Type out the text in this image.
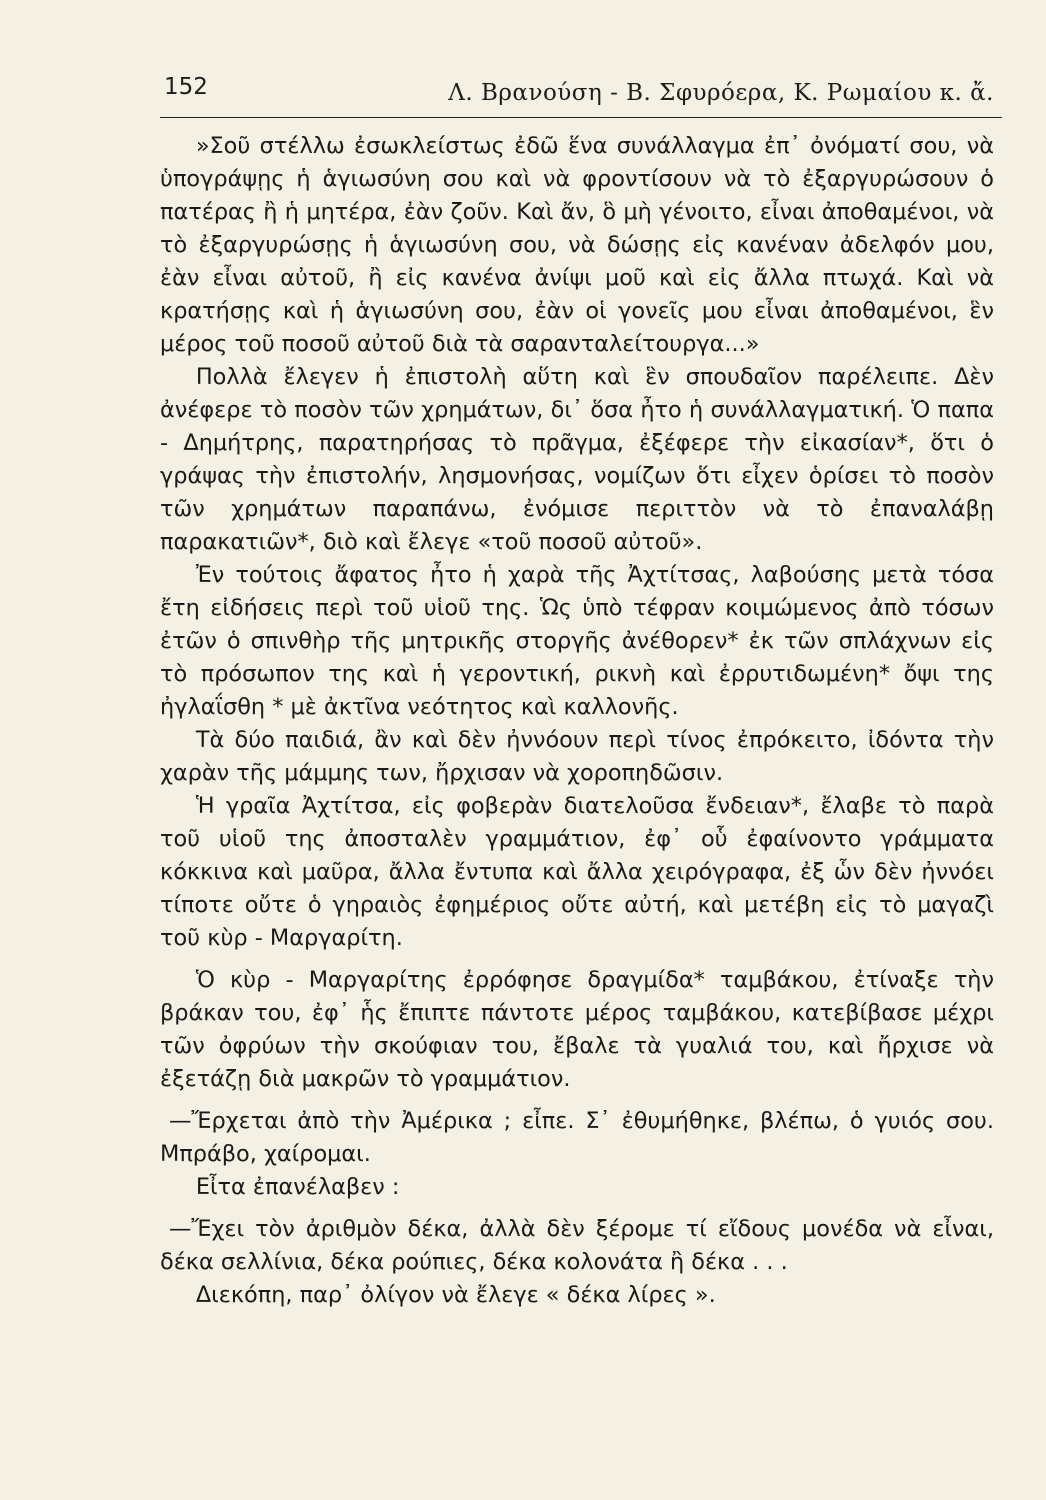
152	Λ. Βρανούση - Β. Σφυρόερα, Κ. Ρωμαίου κ. ἄ.

»Σοῦ στέλλω ἐσωκλείστως ἐδῶ ἕνα συνάλλαγμα ἐπ᾽ ὀνόματί σου, νὰ ὑπογράψῃς ἡ ἁγιωσύνη σου καὶ νὰ φροντίσουν νὰ τὸ ἐξαργυρώσουν ὁ πατέρας ἢ ἡ μητέρα, ἐὰν ζοῦν. Καὶ ἄν, ὃ μὴ γένοιτο, εἶναι ἀποθαμένοι, νὰ τὸ ἐξαργυρώσῃς ἡ ἁγιωσύνη σου, νὰ δώσῃς εἰς κανέναν ἀδελφόν μου, ἐὰν εἶναι αὐτοῦ, ἢ εἰς κανένα ἀνίψι μοῦ καὶ εἰς ἄλλα πτωχά. Καὶ νὰ κρατήσῃς καὶ ἡ ἁγιωσύνη σου, ἐὰν οἱ γονεῖς μου εἶναι ἀποθαμένοι, ἓν μέρος τοῦ ποσοῦ αὐτοῦ διὰ τὰ σαρανταλείτουργα...»

Πολλὰ ἔλεγεν ἡ ἐπιστολὴ αὕτη καὶ ἓν σπουδαῖον παρέλειπε. Δὲν ἀνέφερε τὸ ποσὸν τῶν χρημάτων, δι᾽ ὅσα ἦτο ἡ συνάλλαγματική. Ὁ παπα - Δημήτρης, παρατηρήσας τὸ πρᾶγμα, ἐξέφερε τὴν εἰκασίαν*, ὅτι ὁ γράψας τὴν ἐπιστολήν, λησμονήσας, νομίζων ὅτι εἶχεν ὁρίσει τὸ ποσὸν τῶν χρημάτων παραπάνω, ἐνόμισε περιττὸν νὰ τὸ ἐπαναλάβῃ παρακατιῶν*, διὸ καὶ ἔλεγε «τοῦ ποσοῦ αὐτοῦ».

Ἐν τούτοις ἄφατος ἦτο ἡ χαρὰ τῆς Ἀχτίτσας, λαβούσης μετὰ τόσα ἔτη εἰδήσεις περὶ τοῦ υἱοῦ της. Ὡς ὑπὸ τέφραν κοιμώμενος ἀπὸ τόσων ἐτῶν ὁ σπινθὴρ τῆς μητρικῆς στοργῆς ἀνέθορεν* ἐκ τῶν σπλάχνων εἰς τὸ πρόσωπον της καὶ ἡ γεροντική, ρικνὴ καὶ ἐρρυτιδωμένη* ὄψι της ἠγλαΐσθη * μὲ ἀκτῖνα νεότητος καὶ καλλονῆς.

Τὰ δύο παιδιά, ἂν καὶ δὲν ἠννόουν περὶ τίνος ἐπρόκειτο, ἰδόντα τὴν χαρὰν τῆς μάμμης των, ἤρχισαν νὰ χοροπηδῶσιν.

Ἡ γραῖα Ἀχτίτσα, εἰς φοβερὰν διατελοῦσα ἔνδειαν*, ἔλαβε τὸ παρὰ τοῦ υἱοῦ της ἀποσταλὲν γραμμάτιον, ἐφ᾽ οὗ ἐφαίνοντο γράμματα κόκκινα καὶ μαῦρα, ἄλλα ἔντυπα καὶ ἄλλα χειρόγραφα, ἐξ ὧν δὲν ἠννόει τίποτε οὔτε ὁ γηραιὸς ἐφημέριος οὔτε αὐτή, καὶ μετέβη εἰς τὸ μαγαζὶ τοῦ κὺρ - Μαργαρίτη.

Ὁ κὺρ - Μαργαρίτης ἐρρόφησε δραγμίδα* ταμβάκου, ἐτίναξε τὴν βράκαν του, ἐφ᾽ ἧς ἔπιπτε πάντοτε μέρος ταμβάκου, κατεβίβασε μέχρι τῶν ὀφρύων τὴν σκούφιαν του, ἔβαλε τὰ γυαλιά του, καὶ ἤρχισε νὰ ἐξετάζῃ διὰ μακρῶν τὸ γραμμάτιον.

—Ἔρχεται ἀπὸ τὴν Ἀμέρικα ; εἶπε. Σ᾽ ἐθυμήθηκε, βλέπω, ὁ γυιός σου. Μπράβο, χαίρομαι.

Εἶτα ἐπανέλαβεν :

—Ἔχει τὸν ἀριθμὸν δέκα, ἀλλὰ δὲν ξέρομε τί εἴδους μονέδα νὰ εἶναι, δέκα σελλίνια, δέκα ρούπιες, δέκα κολονάτα ἢ δέκα . . .

Διεκόπη, παρ᾽ ὀλίγον νὰ ἔλεγε « δέκα λίρες ».
